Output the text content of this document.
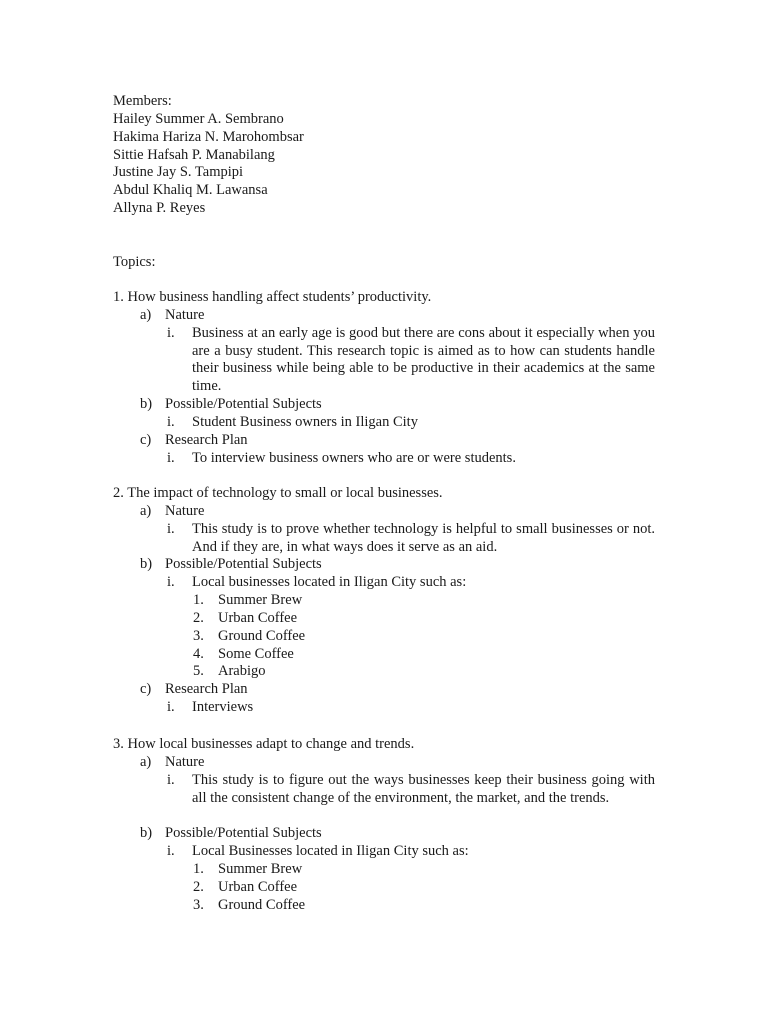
Members:
Hailey Summer A. Sembrano
Hakima Hariza N. Marohombsar
Sittie Hafsah P. Manabilang
Justine Jay S. Tampipi
Abdul Khaliq M. Lawansa
Allyna P. Reyes
Topics:
1. How business handling affect students’ productivity.
a) Nature
i. Business at an early age is good but there are cons about it especially when you are a busy student. This research topic is aimed as to how can students handle their business while being able to be productive in their academics at the same time.

b) Possible/Potential Subjects
i. Student Business owners in Iligan City
c) Research Plan
i. To interview business owners who are or were students.
2. The impact of technology to small or local businesses.
a) Nature
i. This study is to prove whether technology is helpful to small businesses or not. And if they are, in what ways does it serve as an aid.

b) Possible/Potential Subjects
i. Local businesses located in Iligan City such as:
1. Summer Brew
2. Urban Coffee
3. Ground Coffee
4. Some Coffee
5. Arabigo
c) Research Plan
i. Interviews
3. How local businesses adapt to change and trends.
a) Nature
i. This study is to figure out the ways businesses keep their business going with all the consistent change of the environment, the market, and the trends.

b) Possible/Potential Subjects
i. Local Businesses located in Iligan City such as:
1. Summer Brew
2. Urban Coffee
3. Ground Coffee
